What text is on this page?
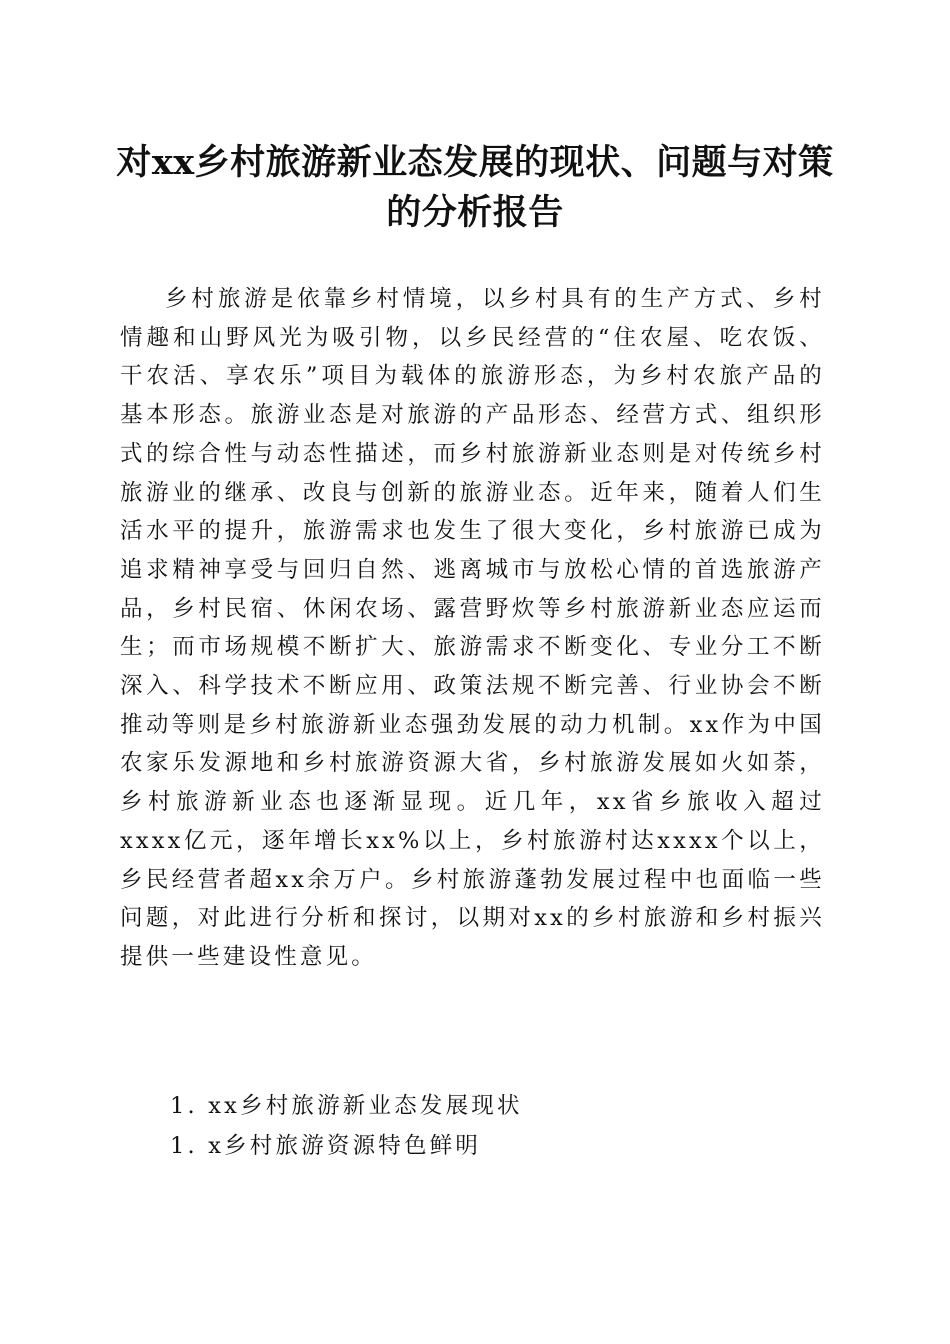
对xx乡村旅游新业态发展的现状、问题与对策的分析报告

乡村旅游是依靠乡村情境，以乡村具有的生产方式、乡村情趣和山野风光为吸引物，以乡民经营的“住农屋、吃农饭、干农活、享农乐”项目为载体的旅游形态，为乡村农旅产品的基本形态。旅游业态是对旅游的产品形态、经营方式、组织形式的综合性与动态性描述，而乡村旅游新业态则是对传统乡村旅游业的继承、改良与创新的旅游业态。近年来，随着人们生活水平的提升，旅游需求也发生了很大变化，乡村旅游已成为追求精神享受与回归自然、逃离城市与放松心情的首选旅游产品，乡村民宿、休闲农场、露营野炊等乡村旅游新业态应运而生；而市场规模不断扩大、旅游需求不断变化、专业分工不断深入、科学技术不断应用、政策法规不断完善、行业协会不断推动等则是乡村旅游新业态强劲发展的动力机制。xx作为中国农家乐发源地和乡村旅游资源大省，乡村旅游发展如火如荼，乡村旅游新业态也逐渐显现。近几年，xx省乡旅收入超过xxxx亿元，逐年增长xx%以上，乡村旅游村达xxxx个以上，乡民经营者超xx余万户。乡村旅游蓬勃发展过程中也面临一些问题，对此进行分析和探讨，以期对xx的乡村旅游和乡村振兴提供一些建设性意见。

1. xx乡村旅游新业态发展现状

1. x乡村旅游资源特色鲜明
